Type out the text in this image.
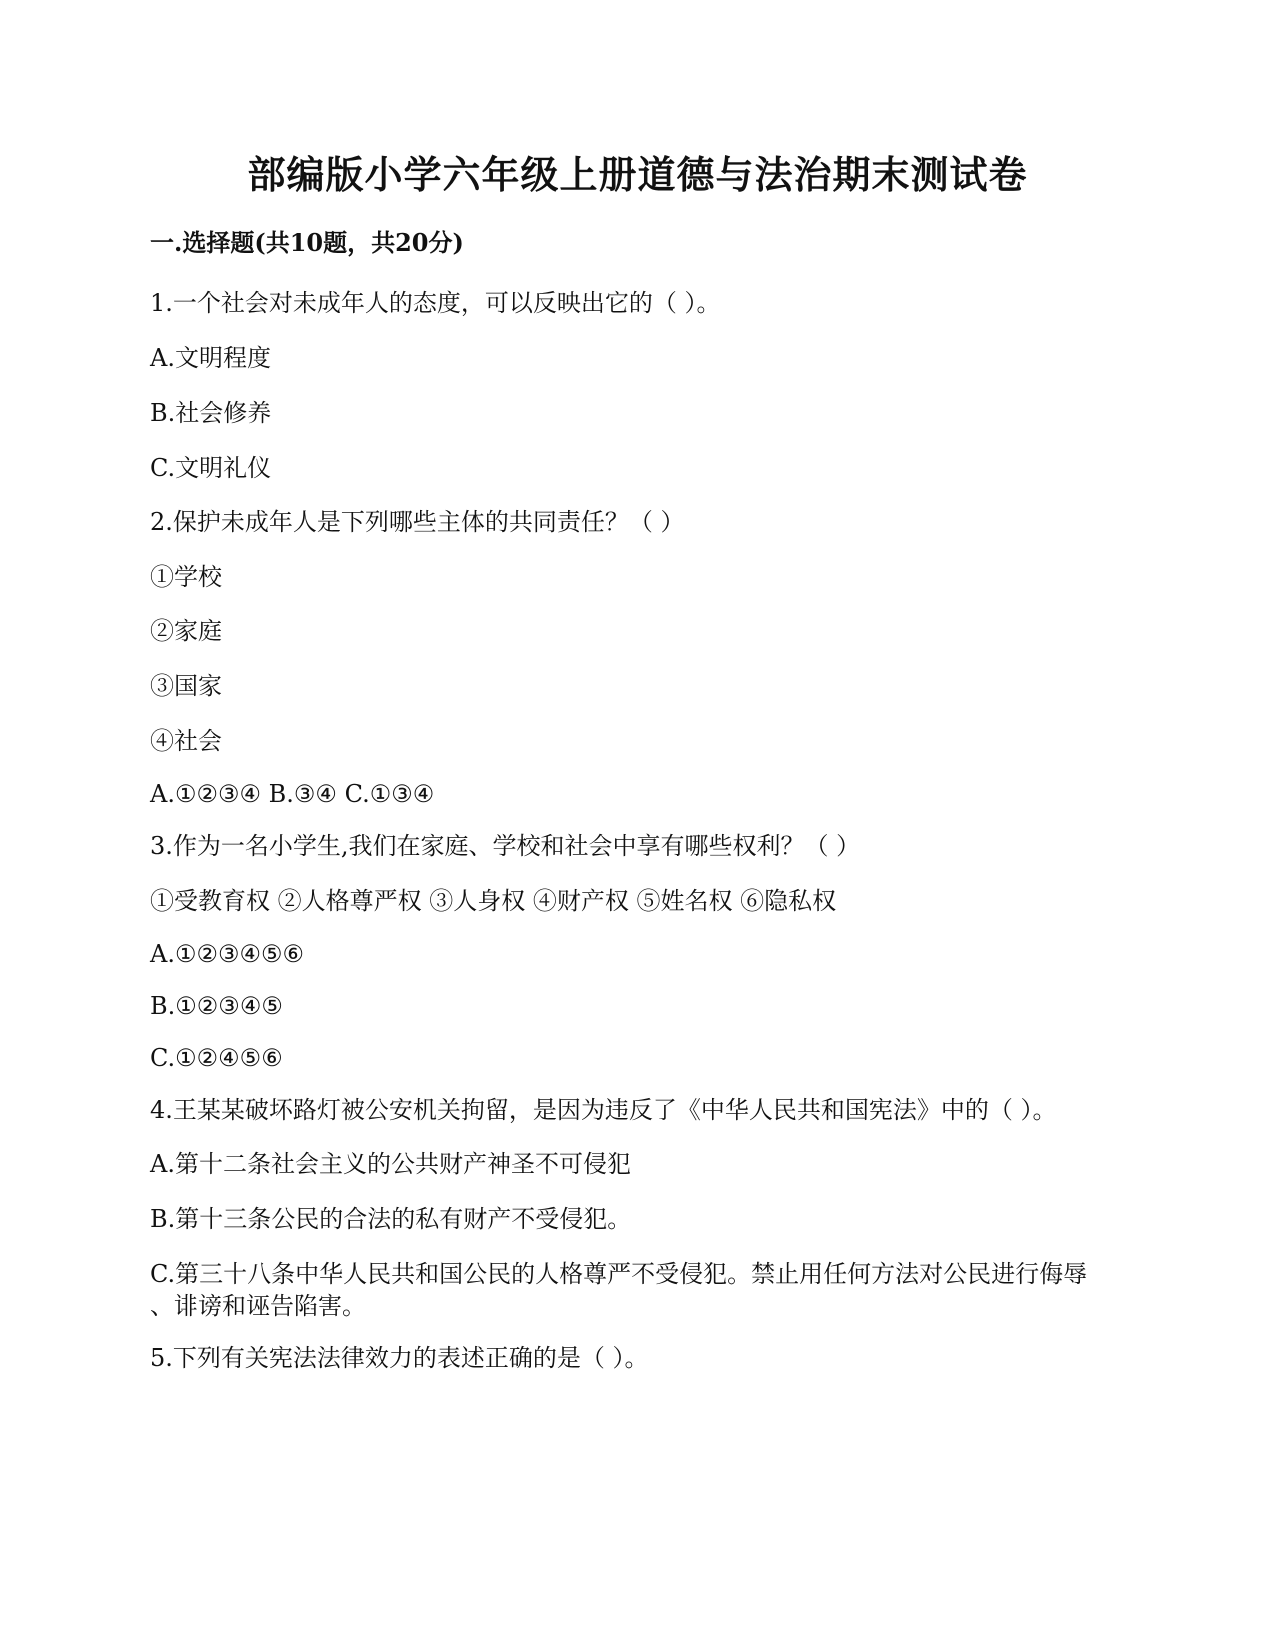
部编版小学六年级上册道德与法治期末测试卷
一.选择题(共10题，共20分)
1.一个社会对未成年人的态度，可以反映出它的（ ）。
A.文明程度
B.社会修养
C.文明礼仪
2.保护未成年人是下列哪些主体的共同责任？（ ）
①学校
②家庭
③国家
④社会
A.①②③④ B.③④ C.①③④
3.作为一名小学生,我们在家庭、学校和社会中享有哪些权利？（ ）
①受教育权 ②人格尊严权 ③人身权 ④财产权 ⑤姓名权 ⑥隐私权
A.①②③④⑤⑥
B.①②③④⑤
C.①②④⑤⑥
4.王某某破坏路灯被公安机关拘留，是因为违反了《中华人民共和国宪法》中的（ ）。
A.第十二条社会主义的公共财产神圣不可侵犯
B.第十三条公民的合法的私有财产不受侵犯。
C.第三十八条中华人民共和国公民的人格尊严不受侵犯。禁止用任何方法对公民进行侮辱
、诽谤和诬告陷害。
5.下列有关宪法法律效力的表述正确的是（ ）。
